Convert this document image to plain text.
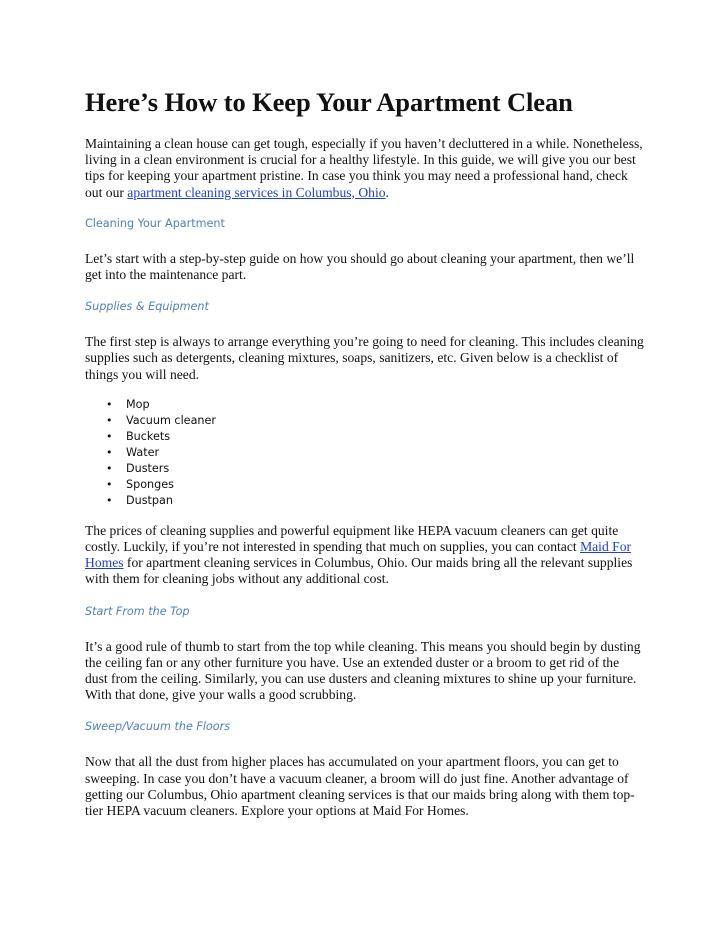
Here’s How to Keep Your Apartment Clean

Maintaining a clean house can get tough, especially if you haven’t decluttered in a while. Nonetheless, living in a clean environment is crucial for a healthy lifestyle. In this guide, we will give you our best tips for keeping your apartment pristine. In case you think you may need a professional hand, check out our apartment cleaning services in Columbus, Ohio.

Cleaning Your Apartment

Let’s start with a step-by-step guide on how you should go about cleaning your apartment, then we’ll get into the maintenance part.

Supplies & Equipment

The first step is always to arrange everything you’re going to need for cleaning. This includes cleaning supplies such as detergents, cleaning mixtures, soaps, sanitizers, etc. Given below is a checklist of things you will need.

• Mop
• Vacuum cleaner
• Buckets
• Water
• Dusters
• Sponges
• Dustpan

The prices of cleaning supplies and powerful equipment like HEPA vacuum cleaners can get quite costly. Luckily, if you’re not interested in spending that much on supplies, you can contact Maid For Homes for apartment cleaning services in Columbus, Ohio. Our maids bring all the relevant supplies with them for cleaning jobs without any additional cost.

Start From the Top

It’s a good rule of thumb to start from the top while cleaning. This means you should begin by dusting the ceiling fan or any other furniture you have. Use an extended duster or a broom to get rid of the dust from the ceiling. Similarly, you can use dusters and cleaning mixtures to shine up your furniture. With that done, give your walls a good scrubbing.

Sweep/Vacuum the Floors

Now that all the dust from higher places has accumulated on your apartment floors, you can get to sweeping. In case you don’t have a vacuum cleaner, a broom will do just fine. Another advantage of getting our Columbus, Ohio apartment cleaning services is that our maids bring along with them top-tier HEPA vacuum cleaners. Explore your options at Maid For Homes.
